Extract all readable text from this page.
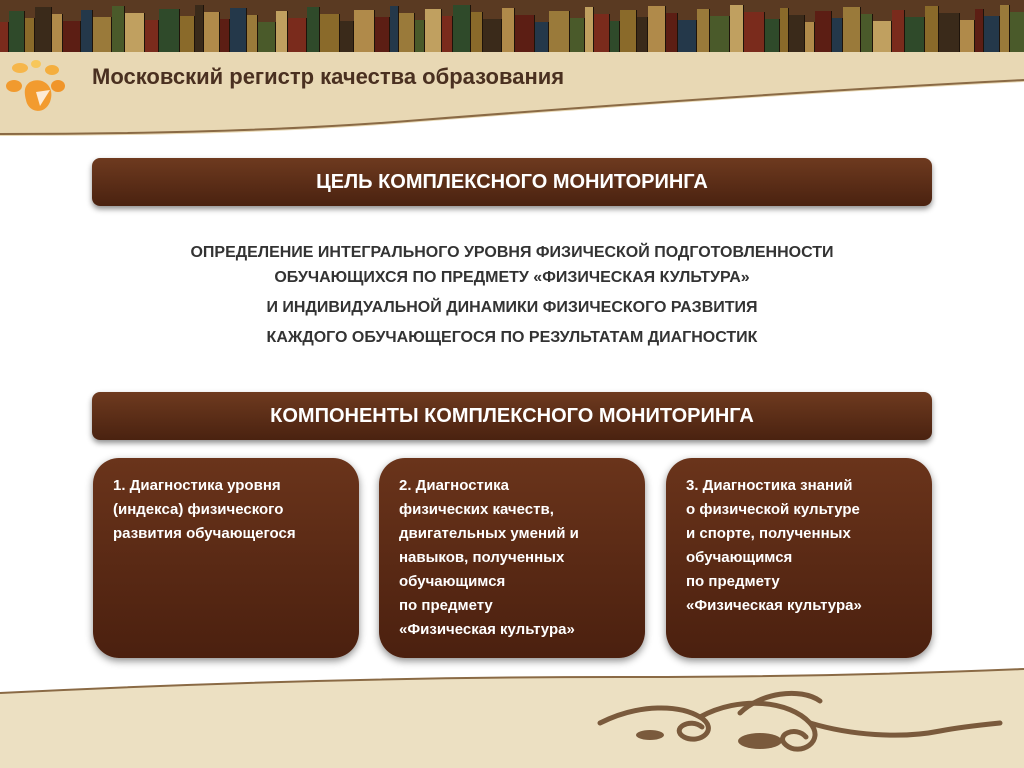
Московский регистр качества образования
ЦЕЛЬ КОМПЛЕКСНОГО МОНИТОРИНГА
ОПРЕДЕЛЕНИЕ ИНТЕГРАЛЬНОГО УРОВНЯ ФИЗИЧЕСКОЙ ПОДГОТОВЛЕННОСТИ
ОБУЧАЮЩИХСЯ ПО ПРЕДМЕТУ «ФИЗИЧЕСКАЯ КУЛЬТУРА»
И ИНДИВИДУАЛЬНОЙ ДИНАМИКИ ФИЗИЧЕСКОГО РАЗВИТИЯ
КАЖДОГО ОБУЧАЮЩЕГОСЯ ПО РЕЗУЛЬТАТАМ ДИАГНОСТИК
КОМПОНЕНТЫ КОМПЛЕКСНОГО МОНИТОРИНГА
1. Диагностика уровня
(индекса) физического
развития обучающегося
2. Диагностика
физических качеств,
двигательных умений и
навыков, полученных
обучающимся
по предмету
«Физическая культура»
3. Диагностика знаний
о физической культуре
и спорте, полученных
обучающимся
по предмету
«Физическая культура»
